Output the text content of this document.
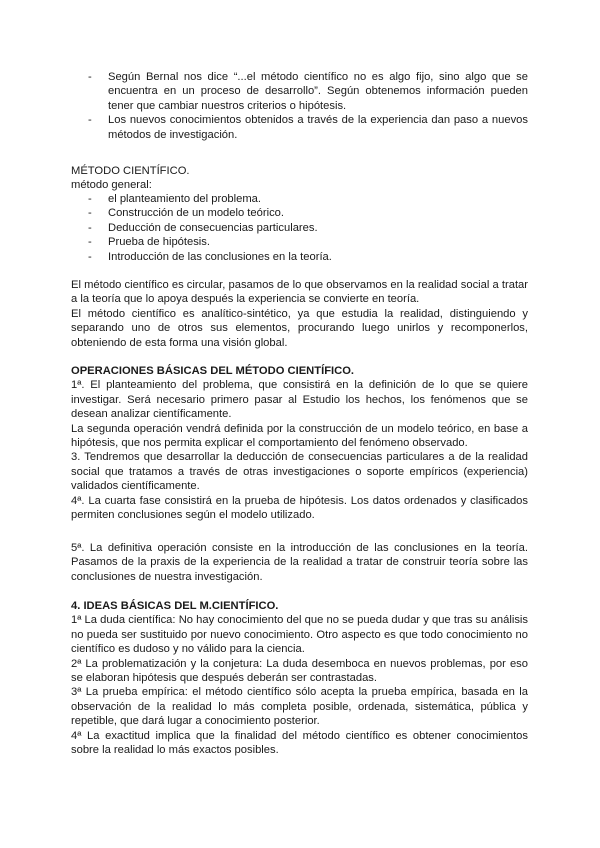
- Según Bernal nos dice “...el método científico no es algo fijo, sino algo que se encuentra en un proceso de desarrollo”. Según obtenemos información pueden tener que cambiar nuestros criterios o hipótesis.
- Los nuevos conocimientos obtenidos a través de la experiencia dan paso a nuevos métodos de investigación.

MÉTODO CIENTÍFICO.

método general:

- el planteamiento del problema.
- Construcción de un modelo teórico.
- Deducción de consecuencias particulares.
- Prueba de hipótesis.
- Introducción de las conclusiones en la teoría.

El método científico es circular, pasamos de lo que observamos en la realidad social a tratar a la teoría que lo apoya después la experiencia se convierte en teoría.

El método científico es analítico-sintético, ya que estudia la realidad, distinguiendo y separando uno de otros sus elementos, procurando luego unirlos y recomponerlos, obteniendo de esta forma una visión global.

OPERACIONES BÁSICAS DEL MÉTODO CIENTÍFICO.

1ª. El planteamiento del problema, que consistirá en la definición de lo que se quiere investigar. Será necesario primero pasar al Estudio los hechos, los fenómenos que se desean analizar científicamente.

La segunda operación vendrá definida por la construcción de un modelo teórico, en base a hipótesis, que nos permita explicar el comportamiento del fenómeno observado.

3. Tendremos que desarrollar la deducción de consecuencias particulares a de la realidad social que tratamos a través de otras investigaciones o soporte empíricos (experiencia) validados científicamente.

4ª. La cuarta fase consistirá en la prueba de hipótesis. Los datos ordenados y clasificados permiten conclusiones según el modelo utilizado.

5ª. La definitiva operación consiste en la introducción de las conclusiones en la teoría. Pasamos de la praxis de la experiencia de la realidad a tratar de construir teoría sobre las conclusiones de nuestra investigación.

4. IDEAS BÁSICAS DEL M.CIENTÍFICO.

1ª La duda científica: No hay conocimiento del que no se pueda dudar y que tras su análisis no pueda ser sustituido por nuevo conocimiento. Otro aspecto es que todo conocimiento no científico es dudoso y no válido para la ciencia.

2ª La problematización y la conjetura: La duda desemboca en nuevos problemas, por eso se elaboran hipótesis que después deberán ser contrastadas.

3ª La prueba empírica: el método científico sólo acepta la prueba empírica, basada en la observación de la realidad lo más completa posible, ordenada, sistemática, pública y repetible, que dará lugar a conocimiento posterior.

4ª La exactitud implica que la finalidad del método científico es obtener conocimientos sobre la realidad lo más exactos posibles.
